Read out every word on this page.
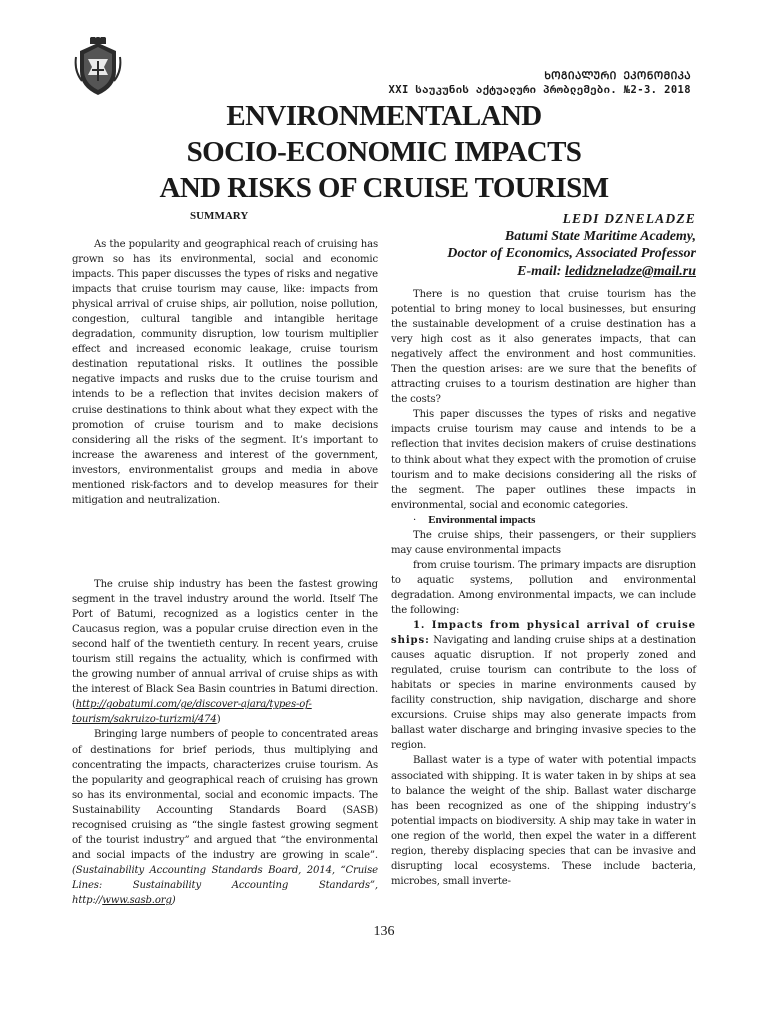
ᲮᲝᲒᲘᲐᲚᲣᲠᲘ ᲔᲙᲝᲜᲝᲛᲘᲙᲐ
XXI საუკუნის აქტუალური პრობლემები. №2-3. 2018
ENVIRONMENTALAND
SOCIO-ECONOMIC IMPACTS
AND RISKS OF CRUISE TOURISM
SUMMARY	LEDI DZNELADZE
Batumi State Maritime Academy,
Doctor of Economics, Associated Professor
E-mail: ledidzneladze@mail.ru

As the popularity and geographical reach of cruising has grown so has its environmental, social and economic impacts. This paper discusses the types of risks and negative impacts that cruise tourism may cause, like: impacts from physical arrival of cruise ships, air pollution, noise pollution, congestion, cultural tangible and intangible heritage degradation, community disruption, low tourism multiplier effect and increased economic leakage, cruise tourism destination reputational risks. It outlines the possible negative impacts and rusks due to the cruise tourism and intends to be a reflection that invites decision makers of cruise destinations to think about what they expect with the promotion of cruise tourism and to make decisions considering all the risks of the segment. It’s important to increase the awareness and interest of the government, investors, environmentalist groups and media in above mentioned risk-factors and to develop measures for their mitigation and neutralization.

The cruise ship industry has been the fastest growing segment in the travel industry around the world. Itself The Port of Batumi, recognized as a logistics center in the Caucasus region, was a popular cruise direction even in the second half of the twentieth century. In recent years, cruise tourism still regains the actuality, which is confirmed with the growing number of annual arrival of cruise ships as with the interest of Black Sea Basin countries in Batumi direction. (http://gobatumi.com/ge/discover-ajara/types-of-tourism/sakruizo-turizmi/474)

Bringing large numbers of people to concentrated areas of destinations for brief periods, thus multiplying and concentrating the impacts, characterizes cruise tourism. As the popularity and geographical reach of cruising has grown so has its environmental, social and economic impacts. The Sustainability Accounting Standards Board (SASB) recognised cruising as “the single fastest growing segment of the tourist industry” and argued that “the environmental and social impacts of the industry are growing in scale”. (Sustainability Accounting Standards Board, 2014, “Cruise Lines: Sustainability Accounting Standards”, http://www.sasb.org)

There is no question that cruise tourism has the potential to bring money to local businesses, but ensuring the sustainable development of a cruise destination has a very high cost as it also generates impacts, that can negatively affect the environment and host communities. Then the question arises: are we sure that the benefits of attracting cruises to a tourism destination are higher than the costs?

This paper discusses the types of risks and negative impacts cruise tourism may cause and intends to be a reflection that invites decision makers of cruise destinations to think about what they expect with the promotion of cruise tourism and to make decisions considering all the risks of the segment. The paper outlines these impacts in environmental, social and economic categories.

· Environmental impacts

The cruise ships, their passengers, or their suppliers may cause environmental impacts

from cruise tourism. The primary impacts are disruption to aquatic systems, pollution and environmental degradation. Among environmental impacts, we can include the following:

1. Impacts from physical arrival of cruise ships: Navigating and landing cruise ships at a destination causes aquatic disruption. If not properly zoned and regulated, cruise tourism can contribute to the loss of habitats or species in marine environments caused by facility construction, ship navigation, discharge and shore excursions. Cruise ships may also generate impacts from ballast water discharge and bringing invasive species to the region.

Ballast water is a type of water with potential impacts associated with shipping. It is water taken in by ships at sea to balance the weight of the ship. Ballast water discharge has been recognized as one of the shipping industry’s potential impacts on biodiversity. A ship may take in water in one region of the world, then expel the water in a different region, thereby displacing species that can be invasive and disrupting local ecosystems. These include bacteria, microbes, small inverte-

136
